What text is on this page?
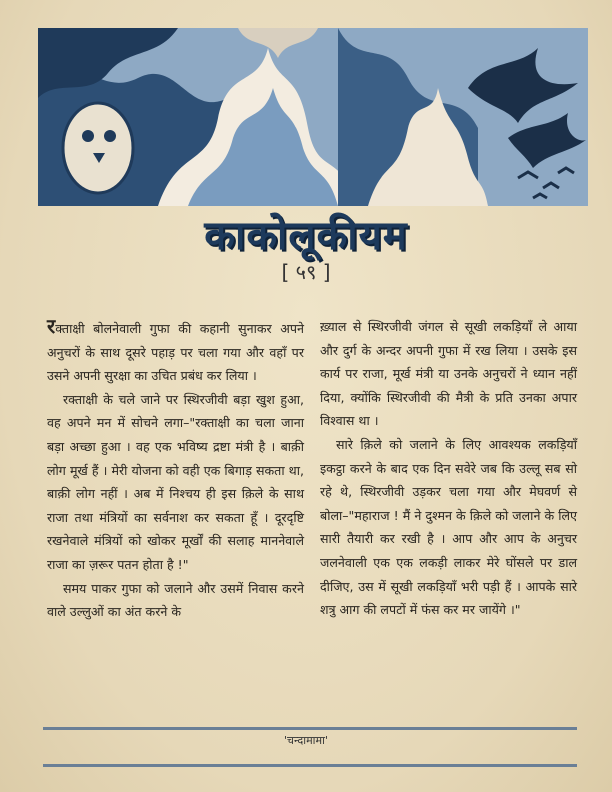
काकोलूकीयम
[ ५९ ]

रक्ताक्षी बोलनेवाली गुफा की कहानी सुनाकर अपने अनुचरों के साथ दूसरे पहाड़ पर चला गया और वहाँ पर उसने अपनी सुरक्षा का उचित प्रबंध कर लिया ।

रक्ताक्षी के चले जाने पर स्थिरजीवी बड़ा खुश हुआ, वह अपने मन में सोचने लगा–"रक्ताक्षी का चला जाना बड़ा अच्छा हुआ । वह एक भविष्य द्रष्टा मंत्री है । बाक़ी लोग मूर्ख हैं । मेरी योजना को वही एक बिगाड़ सकता था, बाक़ी लोग नहीं । अब में निश्चय ही इस क़िले के साथ राजा तथा मंत्रियों का सर्वनाश कर सकता हूँ । दूरदृष्टि रखनेवाले मंत्रियों को खोकर मूर्खों की सलाह माननेवाले राजा का ज़रूर पतन होता है !"

समय पाकर गुफा को जलाने और उसमें निवास करने वाले उल्लुओं का अंत करने के

ख़्याल से स्थिरजीवी जंगल से सूखी लकड़ियाँ ले आया और दुर्ग के अन्दर अपनी गुफा में रख लिया । उसके इस कार्य पर राजा, मूर्ख मंत्री या उनके अनुचरों ने ध्यान नहीं दिया, क्योंकि स्थिरजीवी की मैत्री के प्रति उनका अपार विश्वास था ।

सारे क़िले को जलाने के लिए आवश्यक लकड़ियाँ इकट्ठा करने के बाद एक दिन सवेरे जब कि उल्लू सब सो रहे थे, स्थिरजीवी उड़कर चला गया और मेघवर्ण से बोला–"महाराज ! मैं ने दुश्मन के क़िले को जलाने के लिए सारी तैयारी कर रखी है । आप और आप के अनुचर जलनेवाली एक एक लकड़ी लाकर मेरे घोंसले पर डाल दीजिए, उस में सूखी लकड़ियाँ भरी पड़ी हैं । आपके सारे शत्रु आग की लपटों में फंस कर मर जायेंगे ।"

'चन्दामामा'
